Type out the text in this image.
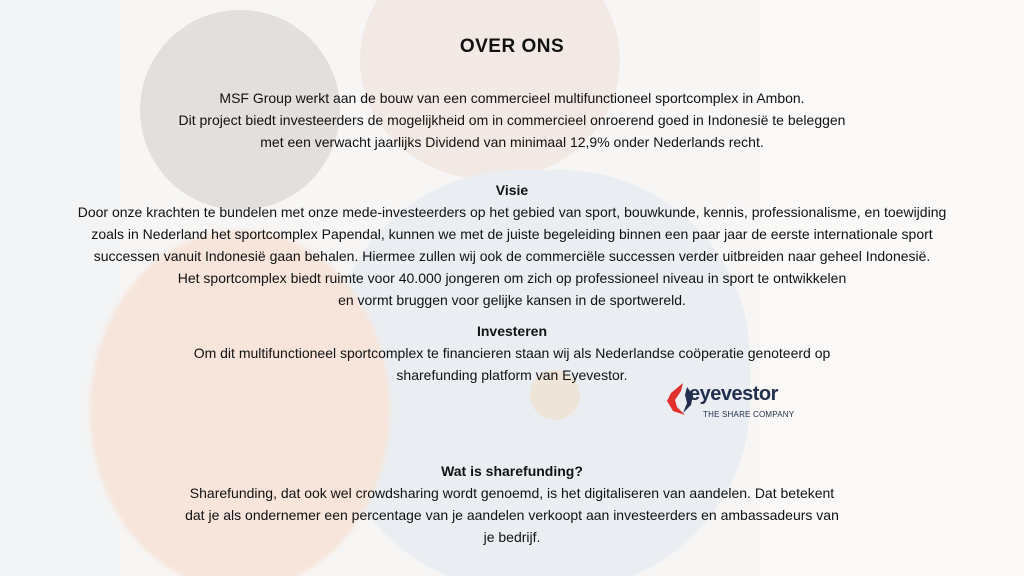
OVER ONS
MSF Group werkt aan de bouw van een commercieel multifunctioneel sportcomplex in Ambon.
Dit project biedt investeerders de mogelijkheid om in commercieel onroerend goed in Indonesië te beleggen
met een verwacht jaarlijks Dividend van minimaal 12,9% onder Nederlands recht.
Visie
Door onze krachten te bundelen met onze mede-investeerders op het gebied van sport, bouwkunde, kennis, professionalisme, en toewijding
zoals in Nederland het sportcomplex Papendal, kunnen we met de juiste begeleiding binnen een paar jaar de eerste internationale sport
successen vanuit Indonesië gaan behalen. Hiermee zullen wij ook de commerciële successen verder uitbreiden naar geheel Indonesië.
Het sportcomplex biedt ruimte voor 40.000 jongeren om zich op professioneel niveau in sport te ontwikkelen
en vormt bruggen voor gelijke kansen in de sportwereld.
Investeren
Om dit multifunctioneel sportcomplex te financieren staan wij als Nederlandse coöperatie genoteerd op
sharefunding platform van Eyevestor.
eyevestor
THE SHARE COMPANY
Wat is sharefunding?
Sharefunding, dat ook wel crowdsharing wordt genoemd, is het digitaliseren van aandelen. Dat betekent
dat je als ondernemer een percentage van je aandelen verkoopt aan investeerders en ambassadeurs van
je bedrijf.
